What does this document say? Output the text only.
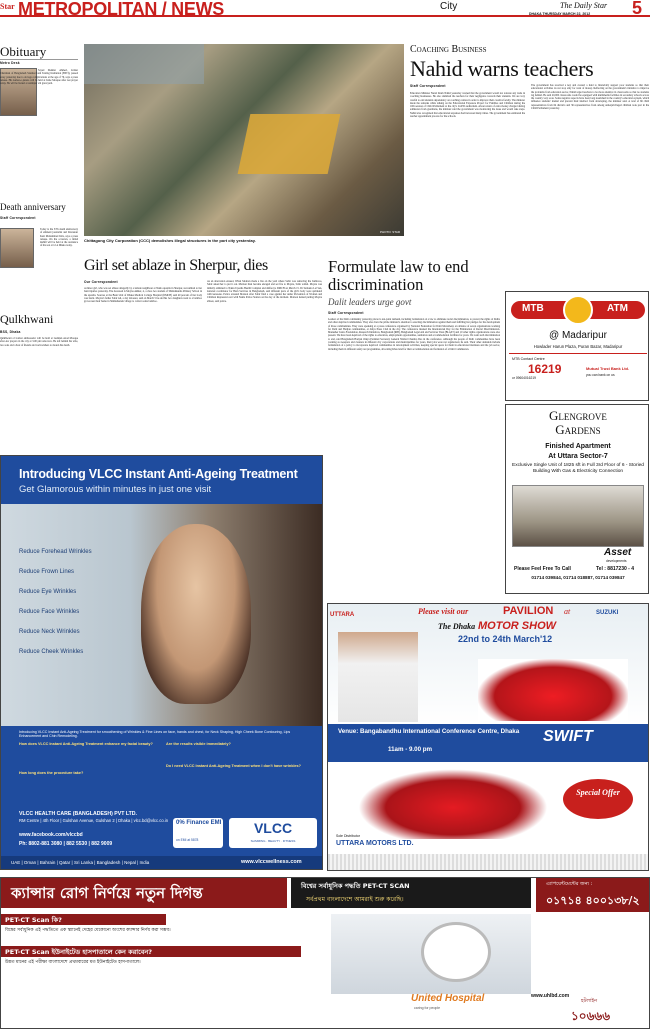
Star METROPOLITAN / NEWS	City	The Daily Star 5
DHAKA THURSDAY MARCH 22, 2012
Obituary
Metro Desk
Sayed Iftekhar Ahmed, former Chairman of Bangladesh Standard and Testing Institution (BSTI), passed away yesterday due to old age complications at the age of 79, says a press release. His namaz-e-janaza will be held at Jame Mosque after Asr prayer today. He will be buried at Azimpur old graveyard.
Death anniversary
Staff Correspondent
Today is the 37th death anniversary of eminent journalist and litterateur Kazi Mohammed Idris, says a press release. On the occasion, a milad mahfil will be held at the residence of his son at 12 A Dhaka today.
Qulkhwani
BSS, Dhaka
Qulkhwani of former ambassador will be held at Gulshan Azad Mosque after Asr prayers in the city at 3.00 pm tomorrow. He left behind his wife, two sons and a host of friends and well-wishers to mourn his death.
PHOTO: STAR
Chittagong City Corporation (CCC) demolishes illegal structures in the port city yesterday.
Coaching Business
Nahid warns teachers
Staff Correspondent
Education Minister Nurul Islam Nahid yesterday warned that the government would not tolerate any trade in coaching businesses. He also slammed the teachers for their negligence towards their students. We are very careful to end students dependency on coaching centres in order to improve their creative faculty. The minister made the remarks while talking on the Educational Exposure Project for Families and Children during the 10th session of Child Parliament at the city's LGED auditorium. About return of extra money charged during admission from guardians, the minister said the government was monitoring the issue and would take steps. Nahid also recognised that educational expenses had increased many times. The government has estimated the teacher appointment process for the schools.
The government has resolved a key and created a fund to financially support poor students so that their educational activities do not stop only for want of money. Reflecting on the government's initiative to improve the problems from education sector, Nahid urged teachers to be more attentive in classrooms so that no students lag behind. He said 20,000 classrooms would be equipped with multimedia facilities in secondary schools across the country very soon. Some negative aspects have been long nourished in the country's education system, which influence students' mental and prevent their intellect from developing, the minister said. A total of 66 child representatives from 64 districts and 36 representatives from among underprivileged children took part in the Child Parliament yesterday.
Girl set ablaze in Sherpur, dies
Our Correspondent
A minor girl, who was set ablaze allegedly by a female neighbour at Nakla upazila in Sherpur, succumbed to her burn injuries yesterday. The deceased is Moyna Akhter, 4, a class two student of Shimulkanda Primary School in the upazila. Sources at the Burn Unit of Dhaka Medical College Hospital (DMCH) said 40 percent of her body was burnt. Moyna's father Sabir Ali, a day labourer, said on March 5 he and his two daughters went to a bamboo grove near their home in Shimulkanda village to collect some bamboo.
As an altercation ensued, When Moinon made a fire on the yard where Sabir was removing the bamboos, Sabir asked her to put it out. Moinon then became enraged and set fire to Moyna, Sabir added. Moyna was initially admitted to Nakla Upazila Health Complex and shifted to DMCH on March 15. Dr Samanta Lal Sen, national coordinator for Burn Services in Bangladesh, said different parts of the girl's body were sprinkled with kerosene. Police arrested Moinon after Sabir filed a case against her under Prevention of Women and Children Repression Act with Nakla Police Station on the day of the incident. Moinon denied putting Moyna ablaze, said police.
Formulate law to end discrimination
Dalit leaders urge govt
Staff Correspondent
Leaders of the Dalit community yesterday placed a ten-point demand, including formulation of a law to eliminate racial discrimination, to protect the rights of Dalits and other deprived communities. They also drew the prime minister's attention to enacting discrimination against them and fulfilling her pledges for the development of those communities. They were speaking at a press conference organised by National Federation for Dalit Movement, an alliance of seven organisations working for Dalit and Harijan communities, at Jatiya Press Club in the city. The conference marked the International Day for the Elimination of Racial Discrimination. Manusher Jonno Foundation, Research Initiatives, Bangladesh (RIB), Bangladesh Legal Aid and Services Trust (BLAST) and 10 other rights organisations were also present. We have been deprived of the rights to education, employment opportunities, sanitation and accommodation facilities for years. We want such discrimination to end, said Bangladesh Harijan Oikya Parishad Secretary General Nirmal Chandra Das in the conference. Although the people of Dalit communities have been working as sweepers and cleaners in different city corporations and municipalities for years, their jobs were not regularised, he said. Their other demands include formulation of a policy to incorporate deprived communities in development activities, keeping special quota for them in educational institutes and the job sector, including them in different safety net programmes, allocating Khas land for their accommodation and formation of a Dalit Commission.
MTB	ATM
@ Madaripur
Howlader Harun Plaza, Puran Bazar, Madaripur
MTB Contact Centre
16219
or 09604016219
Mutual Trust Bank Ltd.
you can bank on us
Glengrove
Gardens
Finished Apartment
At Uttara Sector-7
Exclusive Single Unit of 1825 sft in Full 3rd Floor of 6 - Storied Building With Gas & Electricity Connection
Asset
developments
Please Feel Free To Call	Tel : 8817230 - 4
01714 039844, 01714 018887, 01714 039847
Introducing VLCC Instant Anti-Ageing Treatment
Get Glamorous within minutes in just one visit
Reduce Forehead Wrinkles
Reduce Frown Lines
Reduce Eye Wrinkles
Reduce Face Wrinkles
Reduce Neck Wrinkles
Reduce Cheek Wrinkles
Introducing VLCC Instant Anti-Ageing Treatment for smoothening of Wrinkles & Fine Lines on face, hands and chest, for Neck Shaping, High Cheek Bone Contouring, Lips Enhancement and Chin Remodeling.
How does VLCC Instant Anti-Ageing Treatment enhance my facial beauty?	Are the results visible immediately?
How long does the procedure take?
Do I need VLCC Instant Anti-Ageing Treatment when I don't have wrinkles?
VLCC HEALTH CARE (BANGLADESH) PVT LTD.
RM Centre | 4th Floor | Gulshan Avenue, Gulshan 2 | Dhaka | vlcc.bd@vlcc.co.in
www.facebook.com/vlccbd
Ph: 8802-881 3080 | 882 5530 | 882 9009
0% Finance EMI
on EMI at 5878
VLCC
SLIMMING · BEAUTY · FITNESS
UAE | Oman | Bahrain | Qatar | Sri Lanka | Bangladesh | Nepal | India	www.vlccwellness.com
Please visit our	PAVILION at
UTTARA	SUZUKI
The Dhaka MOTOR SHOW
22nd to 24th March'12
Venue: Bangabandhu International Conference Centre, Dhaka
11am - 9.00 pm
SWIFT
Special Offer
Sole Distributor
UTTARA MOTORS LTD.
ক্যান্সার রোগ নির্ণয়ে নতুন দিগন্ত	বিশ্বের সর্বাধুনিক পদ্ধতি PET-CT SCAN
সর্বপ্রথম বাংলাদেশে আমরাই শুরু করেছি।
এ্যাপয়েন্টমেন্টের জন্য :
০১৭১৪ ৪০০১৩৮/২
PET-CT Scan কি?
বিশ্বের সর্বাধুনিক এই পদ্ধতিতে এক স্ক্যানেই দেহের যেকোনো অংশের ক্যান্সার নির্ণয় করা সম্ভব।
PET-CT Scan ইউনাইটেড হাসপাতালে কেন করাবেন?
উন্নত মানের এই পরীক্ষা বাংলাদেশে প্রথমবারের মত ইউনাইটেড হাসপাতালে।
United Hospital
caring for people
হটলাইন
১০৬৬৬
www.uhlbd.com
